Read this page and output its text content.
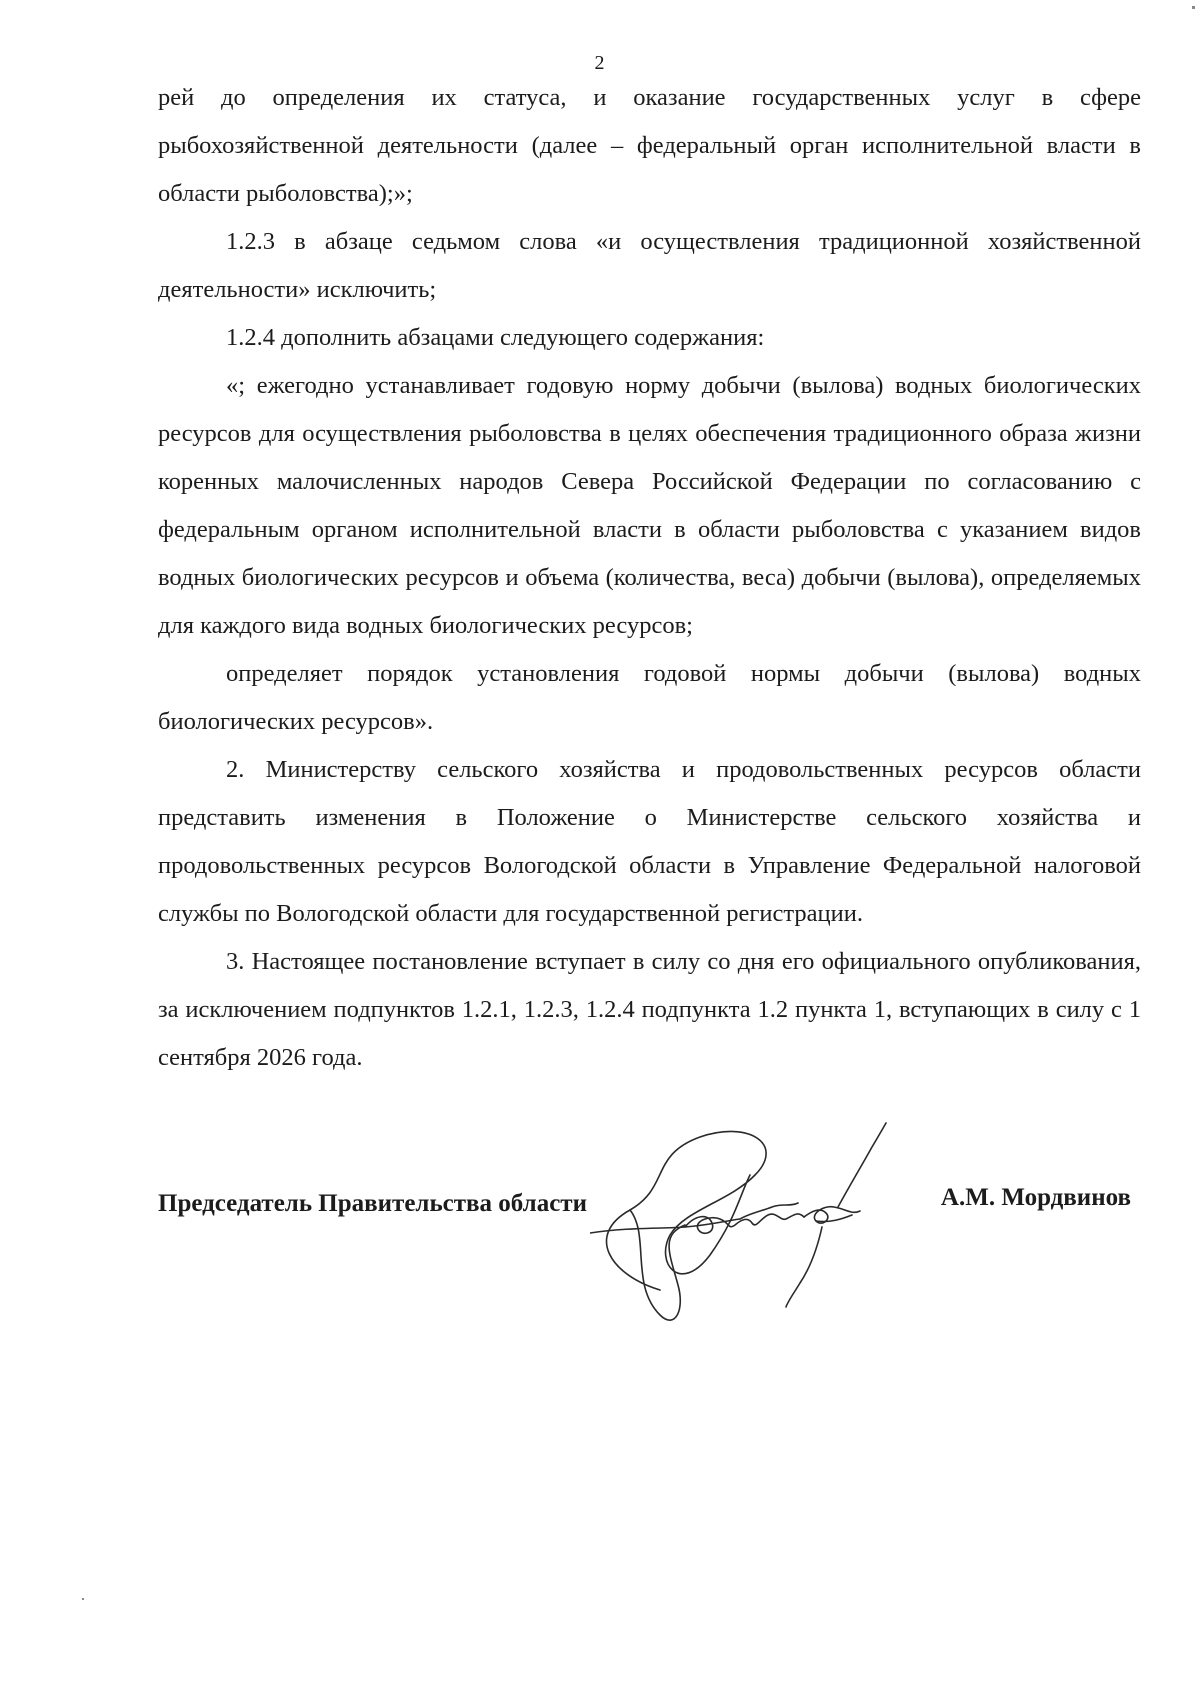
2

рей до определения их статуса, и оказание государственных услуг в сфере рыбохозяйственной деятельности (далее – федеральный орган исполнительной власти в области рыболовства);»;

1.2.3 в абзаце седьмом слова «и осуществления традиционной хозяйственной деятельности» исключить;

1.2.4 дополнить абзацами следующего содержания:

«; ежегодно устанавливает годовую норму добычи (вылова) водных биологических ресурсов для осуществления рыболовства в целях обеспечения традиционного образа жизни коренных малочисленных народов Севера Российской Федерации по согласованию с федеральным органом исполнительной власти в области рыболовства с указанием видов водных биологических ресурсов и объема (количества, веса) добычи (вылова), определяемых для каждого вида водных биологических ресурсов;

определяет порядок установления годовой нормы добычи (вылова) водных биологических ресурсов».

2. Министерству сельского хозяйства и продовольственных ресурсов области представить изменения в Положение о Министерстве сельского хозяйства и продовольственных ресурсов Вологодской области в Управление Федеральной налоговой службы по Вологодской области для государственной регистрации.

3. Настоящее постановление вступает в силу со дня его официального опубликования, за исключением подпунктов 1.2.1, 1.2.3, 1.2.4 подпункта 1.2 пункта 1, вступающих в силу с 1 сентября 2026 года.

Председатель Правительства области	А.М. Мордвинов
